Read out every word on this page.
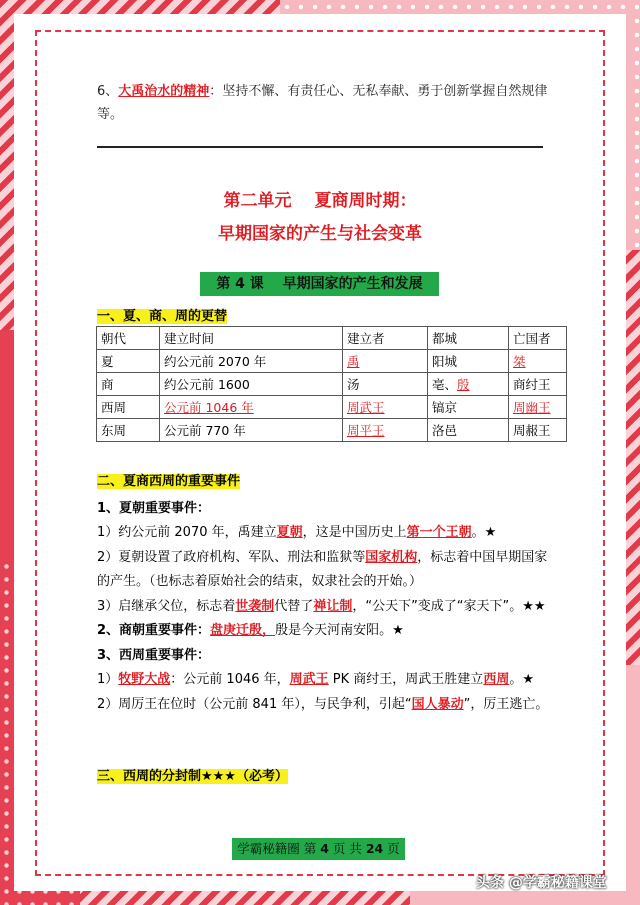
6、大禹治水的精神：坚持不懈、有责任心、无私奉献、勇于创新掌握自然规律等。

第二单元　 夏商周时期：
早期国家的产生与社会变革
第 4 课　 早期国家的产生和发展
一、夏、商、周的更替
朝代	建立时间	建立者	都城	亡国者
夏	约公元前 2070 年	禹	阳城	桀
商	约公元前 1600	汤	亳、殷	商纣王
西周	公元前 1046 年	周武王	镐京	周幽王
东周	公元前 770 年	周平王	洛邑	周赧王

二、夏商西周的重要事件

1、夏朝重要事件：

1）约公元前 2070 年，禹建立夏朝，这是中国历史上第一个王朝。★

2）夏朝设置了政府机构、军队、刑法和监狱等国家机构，标志着中国早期国家的产生。（也标志着原始社会的结束，奴隶社会的开始。）

3）启继承父位，标志着世袭制代替了禅让制，“公天下”变成了“家天下”。★★

2、商朝重要事件：盘庚迁殷，殷是今天河南安阳。★

3、西周重要事件：

1）牧野大战：公元前 1046 年，周武王 PK 商纣王，周武王胜建立西周。★

2）周厉王在位时（公元前 841 年），与民争利，引起“国人暴动”，厉王逃亡。

三、西周的分封制★★★（必考）
学霸秘籍圈 第 4 页 共 24 页
头条 @学霸秘籍课堂
